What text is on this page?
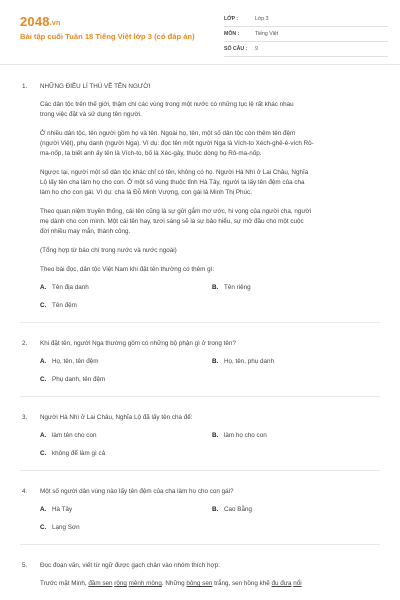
2048.vn
Bài tập cuối Tuần 18 Tiếng Việt lớp 3 (có đáp án)
LỚP :	Lớp 3
MÔN :	Tiếng Việt
SỐ CÂU :	9
1. NHỮNG ĐIỀU LÍ THÚ VỀ TÊN NGƯỜI
Các dân tộc trên thế giới, thậm chí các vùng trong một nước có những tục lệ rất khác nhau
trong việc đặt và sử dụng tên người.
Ở nhiều dân tộc, tên người gồm họ và tên. Ngoài họ, tên, một số dân tộc còn thêm tên đệm
(người Việt), phụ danh (người Nga). Ví dụ: đọc tên một người Nga là Vích-to Xéch-ghê-ê-vích Rô-
ma-nốp, ta biết anh ấy tên là Vích-to, bố là Xéc-gây, thuộc dòng họ Rô-ma-nốp.
Ngược lại, người một số dân tộc khác chỉ có tên, không có họ. Người Hà Nhì ở Lai Châu, Nghĩa
Lộ lấy tên cha làm họ cho con. Ở một số vùng thuộc tỉnh Hà Tây, người ta lấy tên đệm của cha
làm họ cho con gái. Ví dụ: cha là Đỗ Minh Vượng, con gái là Minh Thị Phúc.
Theo quan niệm truyền thống, cái tên cũng là sự gửi gắm mơ ước, hi vọng của người cha, người
mẹ dành cho con mình. Một cái tên hay, tươi sáng sẽ là sự bảo hiểu, sự mở đầu cho một cuộc
đời nhiều may mắn, thành công.
(Tổng hợp từ báo chí trong nước và nước ngoài)
Theo bài đọc, dân tộc Việt Nam khi đặt tên thường có thêm gì:
A. Tên địa danh	B. Tên riêng
C. Tên đệm
2. Khi đặt tên, người Nga thường gồm có những bộ phận gì ở trong tên?
A. Họ, tên, tên đệm	B. Họ, tên, phụ danh
C. Phụ danh, tên đệm
3. Người Hà Nhì ở Lai Châu, Nghĩa Lộ đã lấy tên cha để:
A. làm tên cho con	B. làm họ cho con
C. không để làm gì cả
4. Một số người dân vùng nào lấy tên đệm của cha làm họ cho con gái?
A. Hà Tây	B. Cao Bằng
C. Lạng Sơn
5. Đọc đoạn văn, viết từ ngữ được gạch chân vào nhóm thích hợp:
Trước mặt Minh, đầm sen rộng mênh mông. Những bông sen trắng, sen hồng khẽ đu đưa nổi
